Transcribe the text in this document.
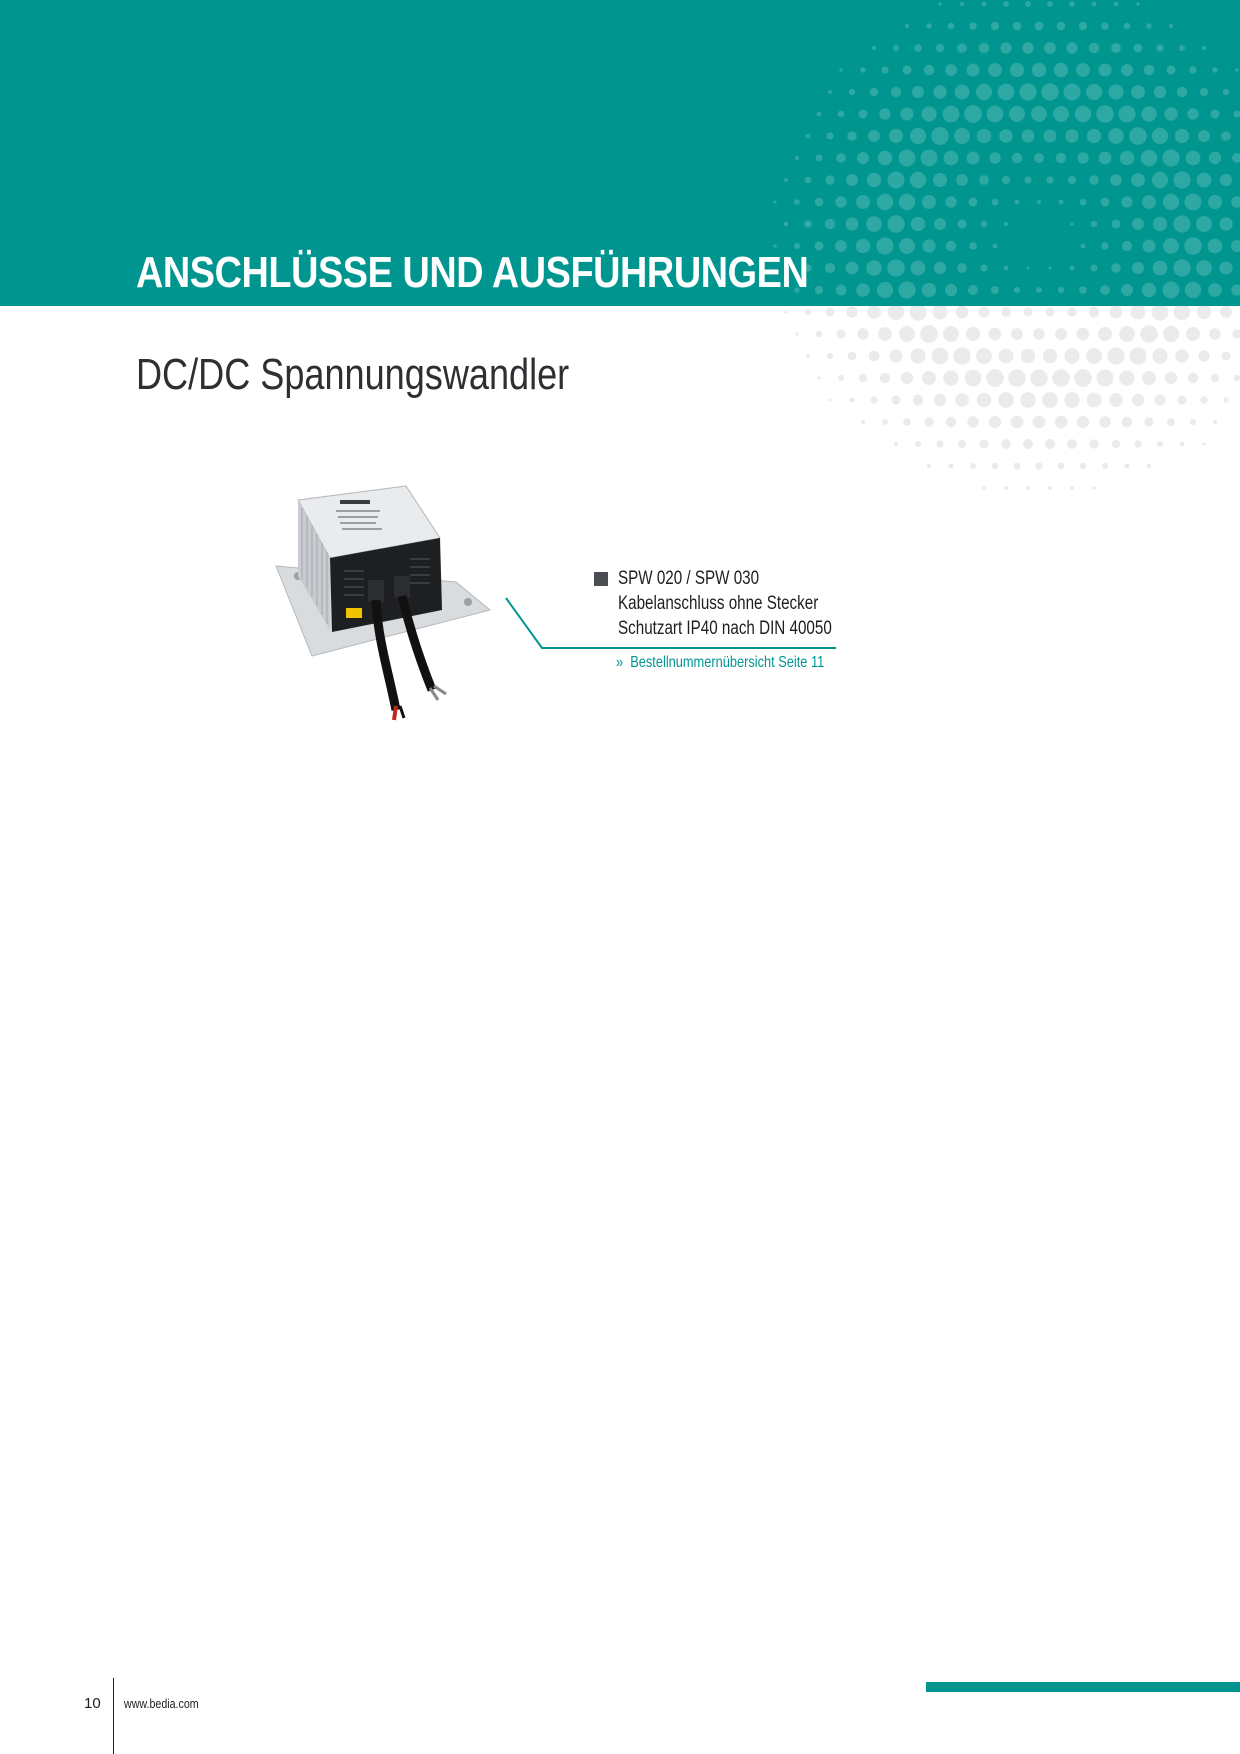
ANSCHLÜSSE UND AUSFÜHRUNGEN
DC/DC Spannungswandler
SPW 020 / SPW 030
Kabelanschluss ohne Stecker
Schutzart IP40 nach DIN 40050
» Bestellnummernübersicht Seite 11
10 www.bedia.com
